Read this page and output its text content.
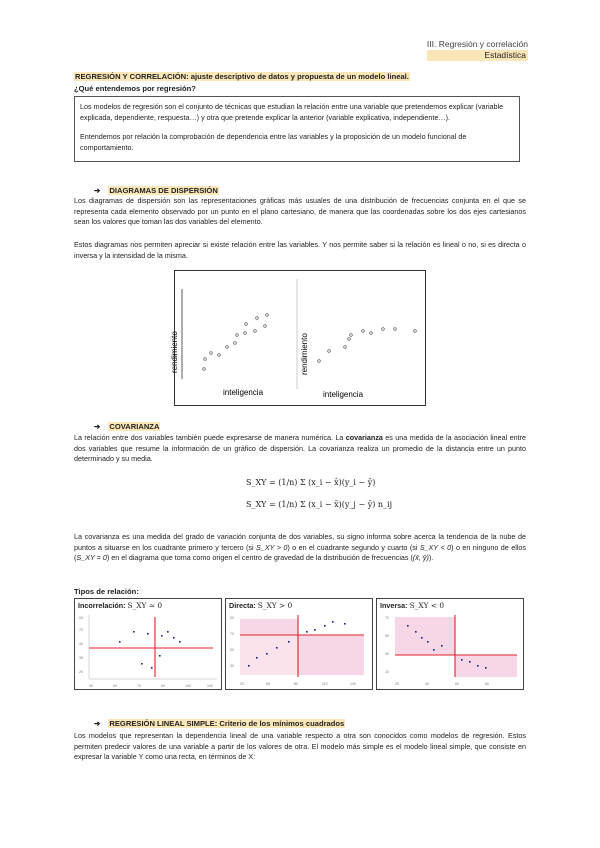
III. Regresión y correlación
Estadística
REGRESIÓN Y CORRELACIÓN: ajuste descriptivo de datos y propuesta de un modelo lineal.
¿Qué entendemos por regresión?

Los modelos de regresión son el conjunto de técnicas que estudian la relación entre una variable que pretendemos explicar (variable explicada, dependiente, respuesta…) y otra que pretende explicar la anterior (variable explicativa, independiente…).

Entendemos por relación la comprobación de dependencia entre las variables y la proposición de un modelo funcional de comportamiento.

➔ DIAGRAMAS DE DISPERSIÓN
Los diagramas de dispersión son las representaciones gráficas más usuales de una distribución de frecuencias conjunta en el que se representa cada elemento observado por un punto en el plano cartesiano, de manera que las coordenadas sobre los dos ejes cartesianos sean los valores que toman las dos variables del elemento.
Estos diagramas nos permiten apreciar si existe relación entre las variables. Y nos permite saber si la relación es lineal o no, si es directa o inversa y la intensidad de la misma.
rendimiento
inteligencia
rendimiento
inteligencia
➔ COVARIANZA
La relación entre dos variables también puede expresarse de manera numérica. La covarianza es una medida de la asociación lineal entre dos variables que resume la información de un gráfico de dispersión. La covarianza realiza un promedio de la distancia entre un punto determinado y su media.
S_XY = (1/n) Σ (x_i − x̄)(y_i − ȳ)
S_XY = (1/n) Σ (x_i − x̄)(y_j − ȳ) n_ij
La covarianza es una medida del grado de variación conjunta de dos variables, su signo informa sobre acerca la tendencia de la nube de puntos a situarse en los cuadrante primero y tercero (si S_XY > 0) o en el cuadrante segundo y cuarto (si S_XY < 0) o en ninguno de ellos (S_XY = 0) en el diagrama que toma como origen el centro de gravedad de la distribución de frecuencias ((x̄, ȳ)).
Tipos de relación:
Incorrelación: S_XY ≃ 0
00
70
40
35
20
30	50	70	50	100	100
Directa: S_XY > 0
00
70
50
30
20	50	80	110	140
Inversa: S_XY < 0
70
50
30
10
20	40	60	80
➔ REGRESIÓN LINEAL SIMPLE: Criterio de los mínimos cuadrados
Los modelos que representan la dependencia lineal de una variable respecto a otra son conocidos como modelos de regresión. Estos permiten predecir valores de una variable a partir de los valores de otra. El modelo más simple es el modelo lineal simple, que consiste en expresar la variable Y como una recta, en términos de X:
